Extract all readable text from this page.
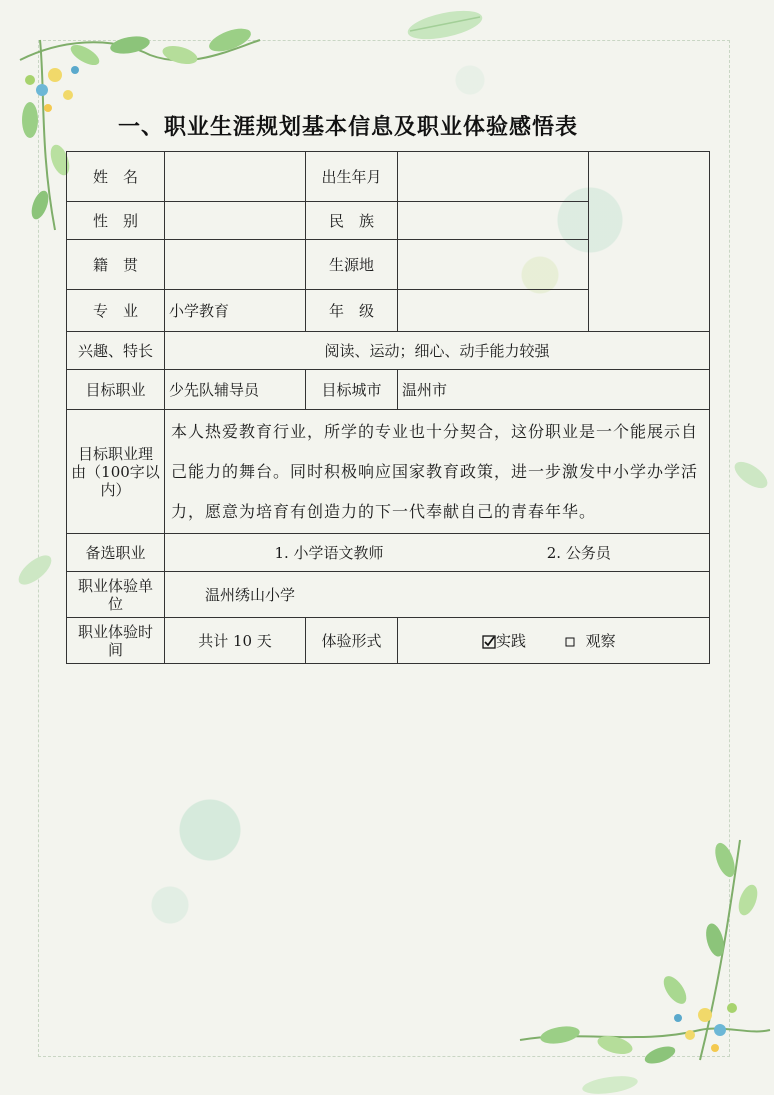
一、职业生涯规划基本信息及职业体验感悟表
姓　名		出生年月		
性　别		民　族		
籍　贯		生源地		
专　业	小学教育	年　级		
兴趣、特长	阅读、运动；细心、动手能力较强			
目标职业	少先队辅导员	目标城市	温州市	
目标职业理由（100字以内）	本人热爱教育行业，所学的专业也十分契合，这份职业是一个能展示自己能力的舞台。同时积极响应国家教育政策，进一步激发中小学办学活力，愿意为培育有创造力的下一代奉献自己的青春年华。			
备选职业	1. 小学语文教师 2. 公务员			
职业体验单位	温州绣山小学			
职业体验时间	共计 10 天	体验形式	实践 观察	
